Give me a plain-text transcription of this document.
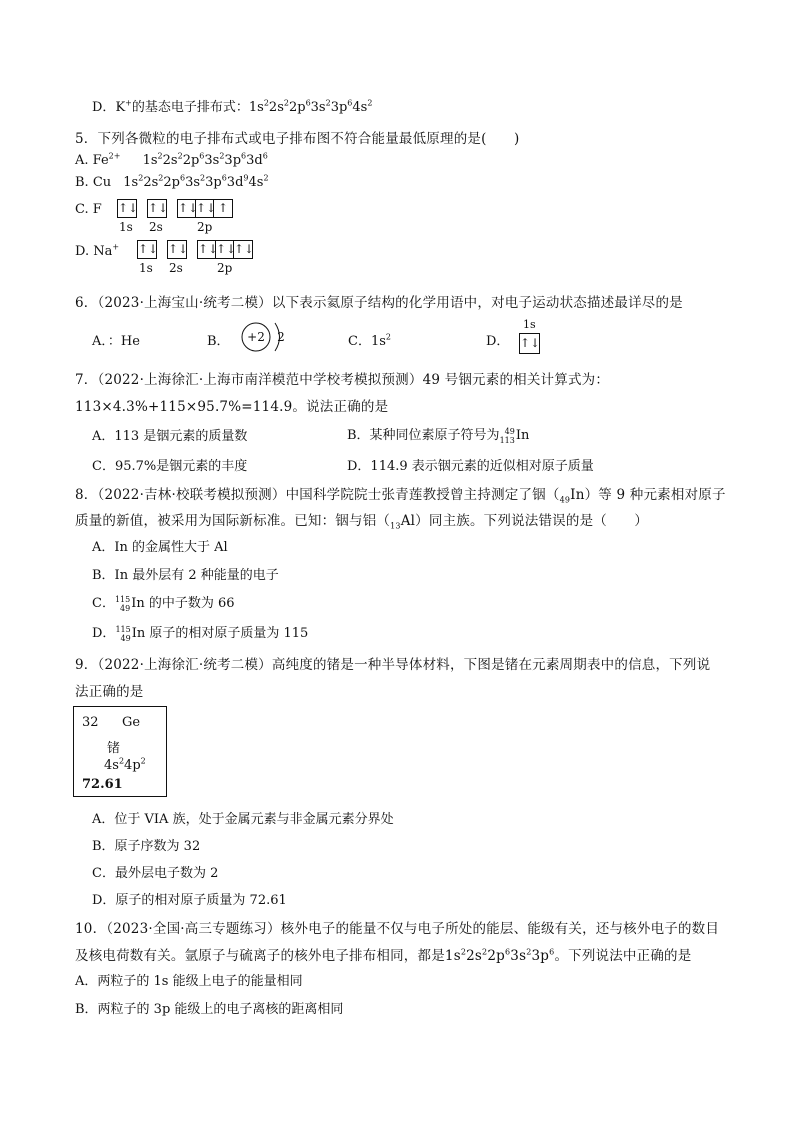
D．K+的基态电子排布式：$1s^22s^22p^63s^23p^64s^2$
5．下列各微粒的电子排布式或电子排布图不符合能量最低原理的是(　　)
A. $Fe^{2+}$ $1s^22s^22p^63s^23p^63d^6$
B. Cu $1s^22s^22p^63s^23p^63d^94s^2$
C. F ↑↓
1s
↑↓
2s
↑↓↑↓ ↑
2p
D. Na+ ↑↓
1s
↑↓
2s
↑↓↑↓↑↓
2p
6．（2023·上海宝山·统考二模）以下表示氦原子结构的化学用语中，对电子运动状态描述最详尽的是
A．：He	B． +2 2	C．$1s^2$	D．
1s
↑↓
7．（2022·上海徐汇·上海市南洋模范中学校考模拟预测）49 号铟元素的相关计算式为：
113×4.3%+115×95.7%=114.9。说法正确的是
A．113 是铟元素的质量数	B．某种同位素原子符号为 49
113In
C．95.7%是铟元素的丰度	D．114.9 表示铟元素的近似相对原子质量
8．（2022·吉林·校联考模拟预测）中国科学院院士张青莲教授曾主持测定了铟$(_{49}In)$等 9 种元素相对原子
质量的新值，被采用为国际新标准。已知：铟与铝$(_{13}Al)$同主族。下列说法错误的是（　　）
A．In 的金属性大于 Al
B．In 最外层有 2 种能量的电子
C．115
49In 的中子数为 66
D．115
49In 原子的相对原子质量为 115
9．（2022·上海徐汇·统考二模）高纯度的锗是一种半导体材料，下图是锗在元素周期表中的信息，下列说
法正确的是
32 Ge
锗
$4s^24p^2$
72.61
A．位于 VIA 族，处于金属元素与非金属元素分界处
B．原子序数为 32
C．最外层电子数为 2
D．原子的相对原子质量为 72.61
10．（2023·全国·高三专题练习）核外电子的能量不仅与电子所处的能层、能级有关，还与核外电子的数目
及核电荷数有关。氩原子与硫离子的核外电子排布相同，都是$1s^22s^22p^63s^23p^6$。下列说法中正确的是
A．两粒子的 1s 能级上电子的能量相同
B．两粒子的 3p 能级上的电子离核的距离相同
